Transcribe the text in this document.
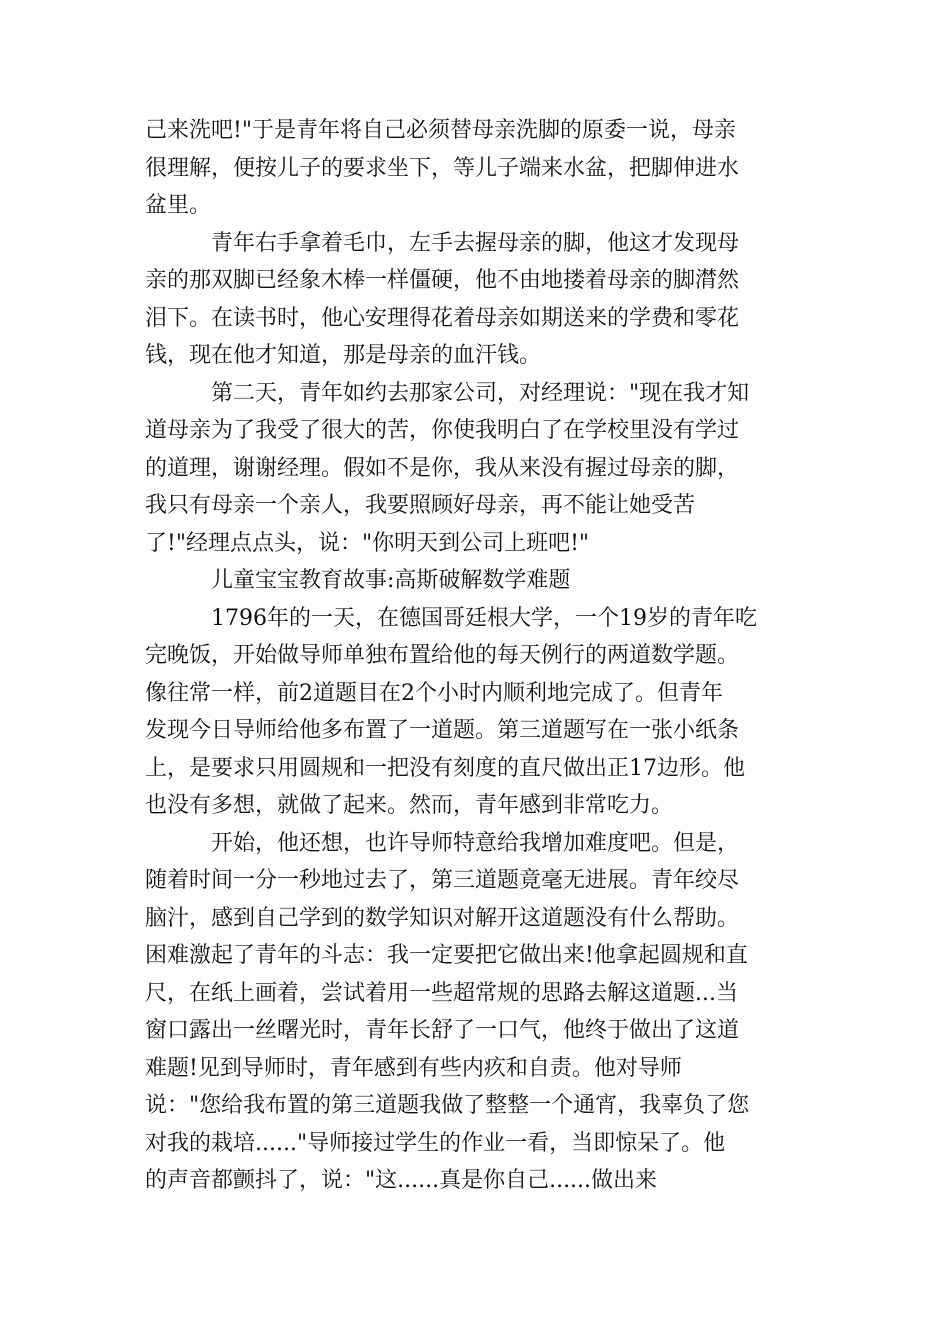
己来洗吧!"于是青年将自己必须替母亲洗脚的原委一说，母亲
很理解，便按儿子的要求坐下，等儿子端来水盆，把脚伸进水
盆里。

青年右手拿着毛巾，左手去握母亲的脚，他这才发现母
亲的那双脚已经象木棒一样僵硬，他不由地搂着母亲的脚潸然
泪下。在读书时，他心安理得花着母亲如期送来的学费和零花
钱，现在他才知道，那是母亲的血汗钱。

第二天，青年如约去那家公司，对经理说："现在我才知
道母亲为了我受了很大的苦，你使我明白了在学校里没有学过
的道理，谢谢经理。假如不是你，我从来没有握过母亲的脚，
我只有母亲一个亲人，我要照顾好母亲，再不能让她受苦
了!"经理点点头，说："你明天到公司上班吧!"

儿童宝宝教育故事:高斯破解数学难题

1796年的一天，在德国哥廷根大学，一个19岁的青年吃
完晚饭，开始做导师单独布置给他的每天例行的两道数学题。
像往常一样，前2道题目在2个小时内顺利地完成了。但青年
发现今日导师给他多布置了一道题。第三道题写在一张小纸条
上，是要求只用圆规和一把没有刻度的直尺做出正17边形。他
也没有多想，就做了起来。然而，青年感到非常吃力。

开始，他还想，也许导师特意给我增加难度吧。但是，
随着时间一分一秒地过去了，第三道题竟毫无进展。青年绞尽
脑汁，感到自己学到的数学知识对解开这道题没有什么帮助。
困难激起了青年的斗志：我一定要把它做出来!他拿起圆规和直
尺，在纸上画着，尝试着用一些超常规的思路去解这道题...当
窗口露出一丝曙光时，青年长舒了一口气，他终于做出了这道
难题!见到导师时，青年感到有些内疚和自责。他对导师
说："您给我布置的第三道题我做了整整一个通宵，我辜负了您
对我的栽培......"导师接过学生的作业一看，当即惊呆了。他
的声音都颤抖了，说："这......真是你自己......做出来
